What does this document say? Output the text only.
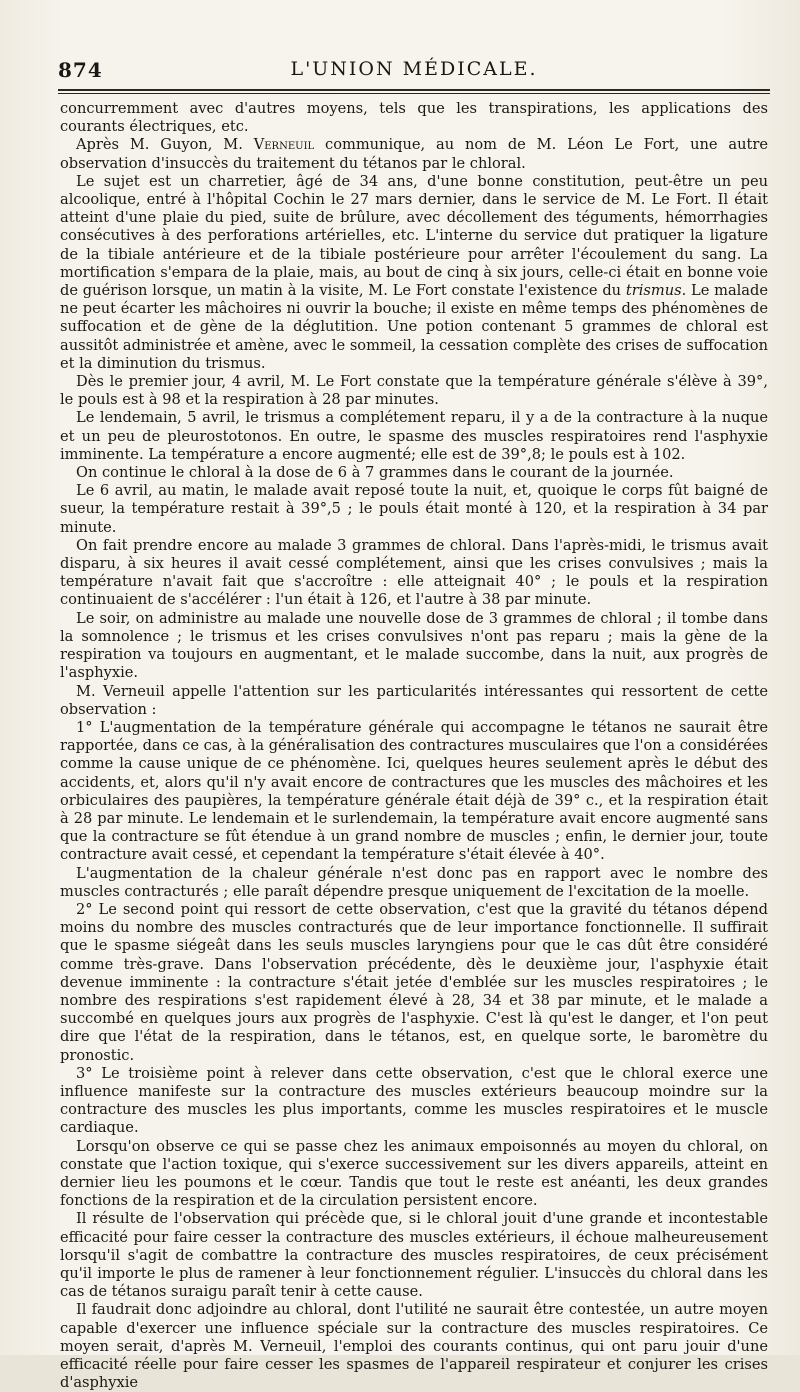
874	L'UNION MÉDICALE.

concurremment avec d'autres moyens, tels que les transpirations, les applications des courants électriques, etc.

Après M. Guyon, M. Verneuil communique, au nom de M. Léon Le Fort, une autre observation d'insuccès du traitement du tétanos par le chloral.

Le sujet est un charretier, âgé de 34 ans, d'une bonne constitution, peut-être un peu alcoolique, entré à l'hôpital Cochin le 27 mars dernier, dans le service de M. Le Fort. Il était atteint d'une plaie du pied, suite de brûlure, avec décollement des téguments, hémorrhagies consécutives à des perforations artérielles, etc. L'interne du service dut pratiquer la ligature de la tibiale antérieure et de la tibiale postérieure pour arrêter l'écoulement du sang. La mortification s'empara de la plaie, mais, au bout de cinq à six jours, celle-ci était en bonne voie de guérison lorsque, un matin à la visite, M. Le Fort constate l'existence du trismus. Le malade ne peut écarter les mâchoires ni ouvrir la bouche; il existe en même temps des phénomènes de suffocation et de gène de la déglutition. Une potion contenant 5 grammes de chloral est aussitôt administrée et amène, avec le sommeil, la cessation complète des crises de suffocation et la diminution du trismus.

Dès le premier jour, 4 avril, M. Le Fort constate que la température générale s'élève à 39°, le pouls est à 98 et la respiration à 28 par minutes.

Le lendemain, 5 avril, le trismus a complétement reparu, il y a de la contracture à la nuque et un peu de pleurostotonos. En outre, le spasme des muscles respiratoires rend l'asphyxie imminente. La température a encore augmenté; elle est de 39°,8; le pouls est à 102.

On continue le chloral à la dose de 6 à 7 grammes dans le courant de la journée.

Le 6 avril, au matin, le malade avait reposé toute la nuit, et, quoique le corps fût baigné de sueur, la température restait à 39°,5 ; le pouls était monté à 120, et la respiration à 34 par minute.

On fait prendre encore au malade 3 grammes de chloral. Dans l'après-midi, le trismus avait disparu, à six heures il avait cessé complétement, ainsi que les crises convulsives ; mais la température n'avait fait que s'accroître : elle atteignait 40° ; le pouls et la respiration continuaient de s'accélérer : l'un était à 126, et l'autre à 38 par minute.

Le soir, on administre au malade une nouvelle dose de 3 grammes de chloral ; il tombe dans la somnolence ; le trismus et les crises convulsives n'ont pas reparu ; mais la gène de la respiration va toujours en augmentant, et le malade succombe, dans la nuit, aux progrès de l'asphyxie.

M. Verneuil appelle l'attention sur les particularités intéressantes qui ressortent de cette observation :

1° L'augmentation de la température générale qui accompagne le tétanos ne saurait être rapportée, dans ce cas, à la généralisation des contractures musculaires que l'on a considérées comme la cause unique de ce phénomène. Ici, quelques heures seulement après le début des accidents, et, alors qu'il n'y avait encore de contractures que les muscles des mâchoires et les orbiculaires des paupières, la température générale était déjà de 39° c., et la respiration était à 28 par minute. Le lendemain et le surlendemain, la température avait encore augmenté sans que la contracture se fût étendue à un grand nombre de muscles ; enfin, le dernier jour, toute contracture avait cessé, et cependant la température s'était élevée à 40°.

L'augmentation de la chaleur générale n'est donc pas en rapport avec le nombre des muscles contracturés ; elle paraît dépendre presque uniquement de l'excitation de la moelle.

2° Le second point qui ressort de cette observation, c'est que la gravité du tétanos dépend moins du nombre des muscles contracturés que de leur importance fonctionnelle. Il suffirait que le spasme siégeât dans les seuls muscles laryngiens pour que le cas dût être considéré comme très-grave. Dans l'observation précédente, dès le deuxième jour, l'asphyxie était devenue imminente : la contracture s'était jetée d'emblée sur les muscles respiratoires ; le nombre des respirations s'est rapidement élevé à 28, 34 et 38 par minute, et le malade a succombé en quelques jours aux progrès de l'asphyxie. C'est là qu'est le danger, et l'on peut dire que l'état de la respiration, dans le tétanos, est, en quelque sorte, le baromètre du pronostic.

3° Le troisième point à relever dans cette observation, c'est que le chloral exerce une influence manifeste sur la contracture des muscles extérieurs beaucoup moindre sur la contracture des muscles les plus importants, comme les muscles respiratoires et le muscle cardiaque.

Lorsqu'on observe ce qui se passe chez les animaux empoisonnés au moyen du chloral, on constate que l'action toxique, qui s'exerce successivement sur les divers appareils, atteint en dernier lieu les poumons et le cœur. Tandis que tout le reste est anéanti, les deux grandes fonctions de la respiration et de la circulation persistent encore.

Il résulte de l'observation qui précède que, si le chloral jouit d'une grande et incontestable efficacité pour faire cesser la contracture des muscles extérieurs, il échoue malheureusement lorsqu'il s'agit de combattre la contracture des muscles respiratoires, de ceux précisément qu'il importe le plus de ramener à leur fonctionnement régulier. L'insuccès du chloral dans les cas de tétanos suraigu paraît tenir à cette cause.

Il faudrait donc adjoindre au chloral, dont l'utilité ne saurait être contestée, un autre moyen capable d'exercer une influence spéciale sur la contracture des muscles respiratoires. Ce moyen serait, d'après M. Verneuil, l'emploi des courants continus, qui ont paru jouir d'une efficacité réelle pour faire cesser les spasmes de l'appareil respirateur et conjurer les crises d'asphyxie
